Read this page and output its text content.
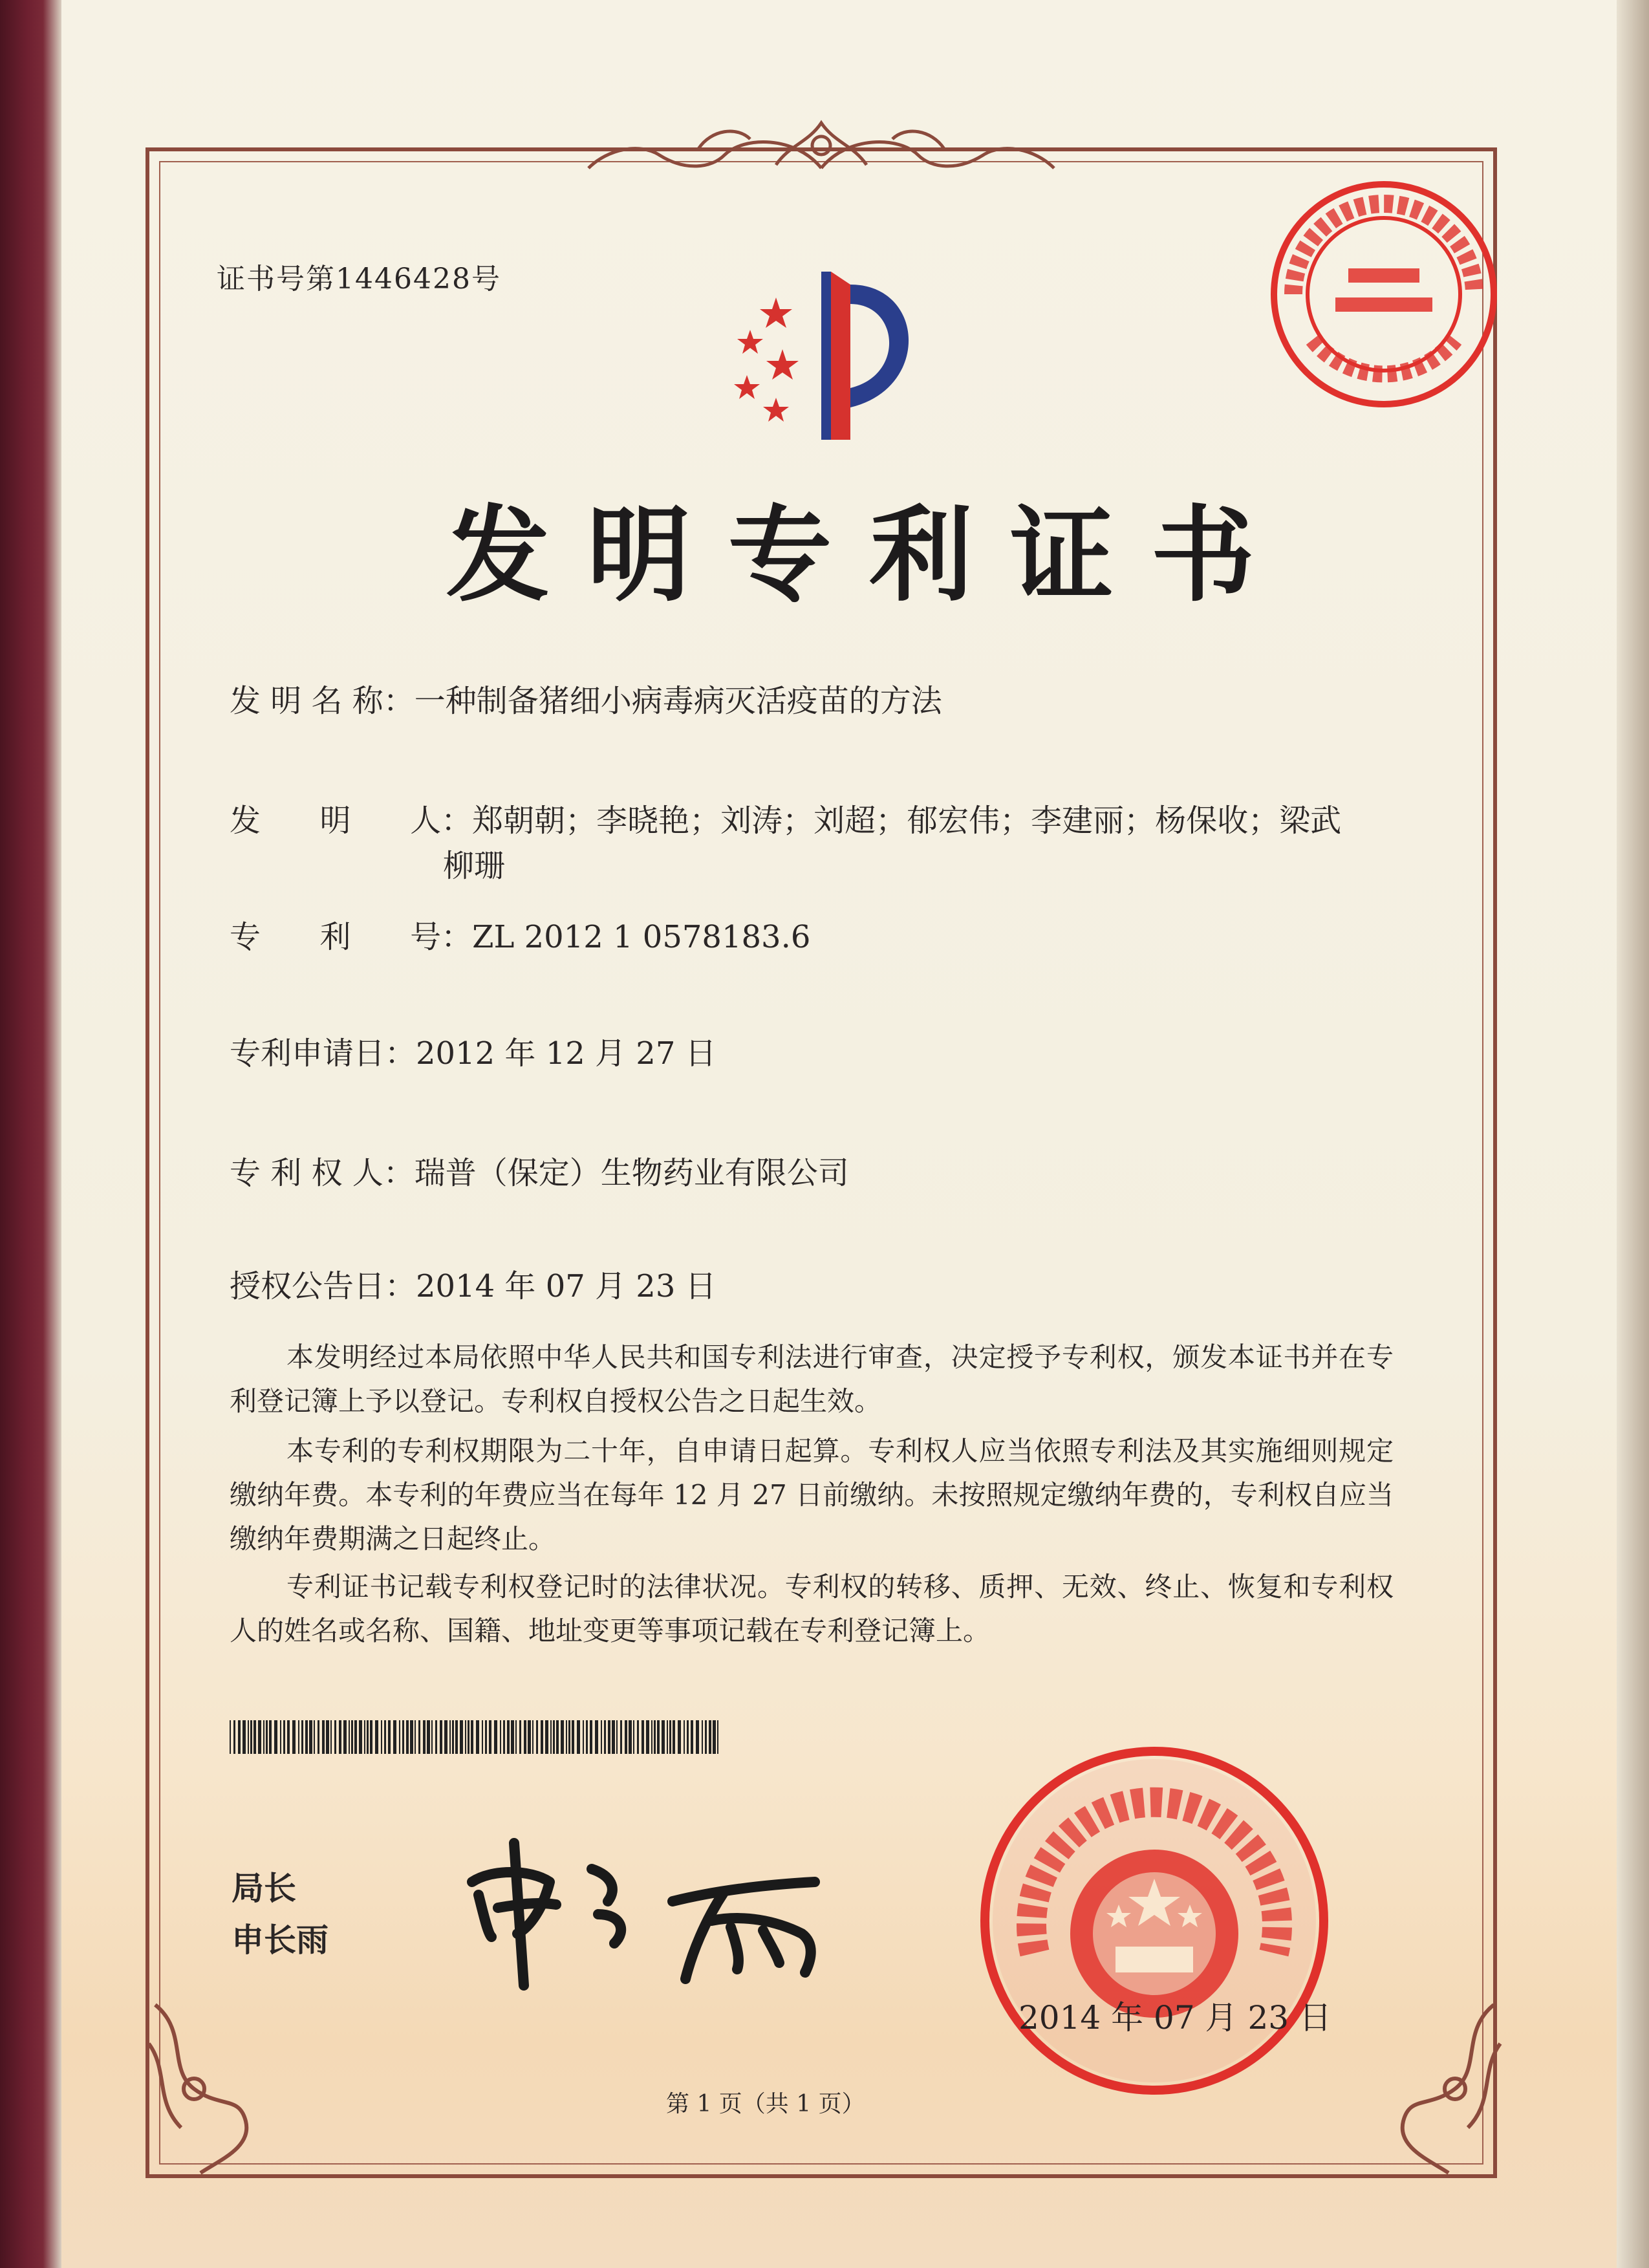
证书号第1446428号
发明专利证书
发 明 名 称：一种制备猪细小病毒病灭活疫苗的方法
发      明      人：郑朝朝；李晓艳；刘涛；刘超；郁宏伟；李建丽；杨保收；梁武
柳珊
专      利      号：ZL 2012 1 0578183.6
专利申请日：2012 年 12 月 27 日
专 利 权 人：瑞普（保定）生物药业有限公司
授权公告日：2014 年 07 月 23 日
本发明经过本局依照中华人民共和国专利法进行审查，决定授予专利权，颁发本证书并在专利登记簿上予以登记。专利权自授权公告之日起生效。
本专利的专利权期限为二十年，自申请日起算。专利权人应当依照专利法及其实施细则规定缴纳年费。本专利的年费应当在每年 12 月 27 日前缴纳。未按照规定缴纳年费的，专利权自应当缴纳年费期满之日起终止。
专利证书记载专利权登记时的法律状况。专利权的转移、质押、无效、终止、恢复和专利权人的姓名或名称、国籍、地址变更等事项记载在专利登记簿上。
局长
申长雨
2014 年 07 月 23 日
第 1 页（共 1 页）
